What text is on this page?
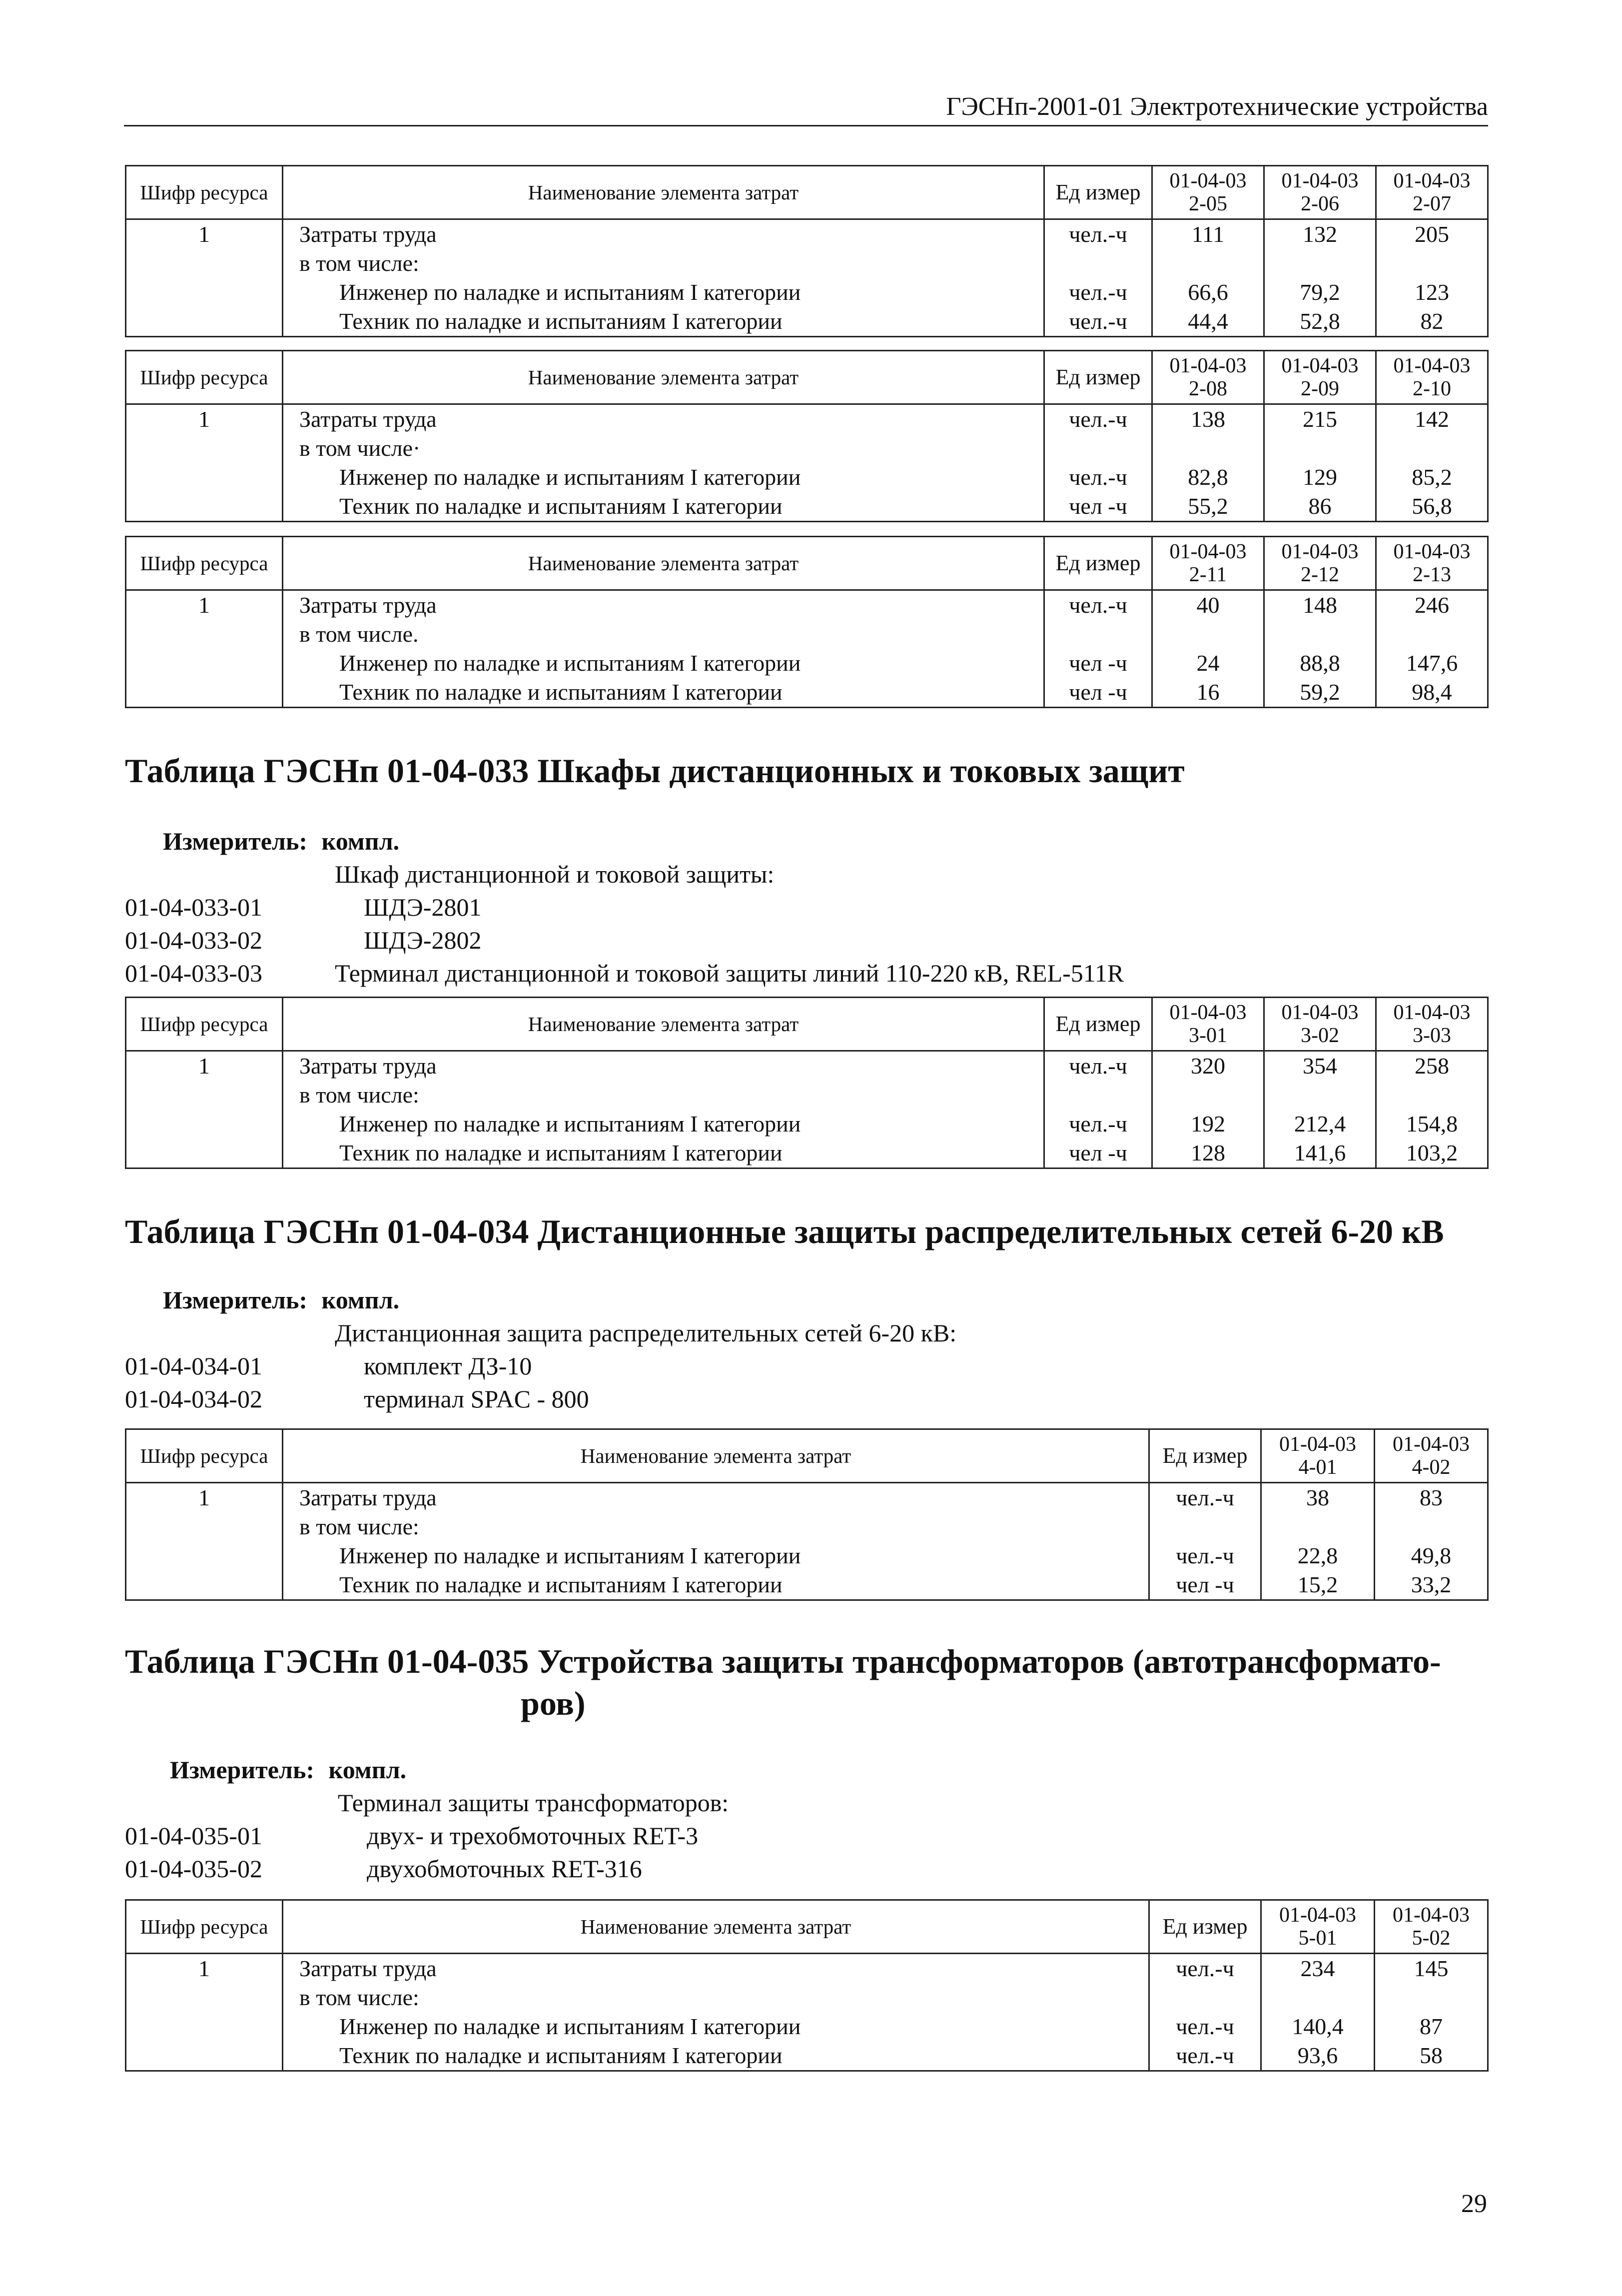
ГЭСНп-2001-01 Электротехнические устройства
Шифр ресурса	Наименование элемента затрат	Ед измер	01-04-032-05	01-04-032-06	01-04-032-07
1	Затраты труда	чел.-ч	111	132	205
	в том числе:				
	Инженер по наладке и испытаниям I категории	чел.-ч	66,6	79,2	123
	Техник по наладке и испытаниям I категории	чел.-ч	44,4	52,8	82
Шифр ресурса	Наименование элемента затрат	Ед измер	01-04-032-08	01-04-032-09	01-04-032-10
1	Затраты труда	чел.-ч	138	215	142
	в том числе·				
	Инженер по наладке и испытаниям I категории	чел.-ч	82,8	129	85,2
	Техник по наладке и испытаниям I категории	чел -ч	55,2	86	56,8
Шифр ресурса	Наименование элемента затрат	Ед измер	01-04-032-11	01-04-032-12	01-04-032-13
1	Затраты труда	чел.-ч	40	148	246
	в том числе.				
	Инженер по наладке и испытаниям I категории	чел -ч	24	88,8	147,6
	Техник по наладке и испытаниям I категории	чел -ч	16	59,2	98,4
Таблица ГЭСНп 01-04-033 Шкафы дистанционных и токовых защит
Измеритель: компл.
Шкаф дистанционной и токовой защиты:
01-04-033-01	ШДЭ-2801
01-04-033-02	ШДЭ-2802
01-04-033-03	Терминал дистанционной и токовой защиты линий 110-220 кВ, REL-511R
Шифр ресурса	Наименование элемента затрат	Ед измер	01-04-033-01	01-04-033-02	01-04-033-03
1	Затраты труда	чел.-ч	320	354	258
	в том числе:				
	Инженер по наладке и испытаниям I категории	чел.-ч	192	212,4	154,8
	Техник по наладке и испытаниям I категории	чел -ч	128	141,6	103,2
Таблица ГЭСНп 01-04-034 Дистанционные защиты распределительных сетей 6-20 кВ
Измеритель: компл.
Дистанционная защита распределительных сетей 6-20 кВ:
01-04-034-01	комплект ДЗ-10
01-04-034-02	терминал SPAC - 800
Шифр ресурса	Наименование элемента затрат	Ед измер	01-04-034-01	01-04-034-02
1	Затраты труда	чел.-ч	38	83
	в том числе:			
	Инженер по наладке и испытаниям I категории	чел.-ч	22,8	49,8
	Техник по наладке и испытаниям I категории	чел -ч	15,2	33,2
Таблица ГЭСНп 01-04-035 Устройства защиты трансформаторов (автотрансформато-
ров)
Измеритель: компл.
Терминал защиты трансформаторов:
01-04-035-01	двух- и трехобмоточных RET-3
01-04-035-02	двухобмоточных RET-316
Шифр ресурса	Наименование элемента затрат	Ед измер	01-04-035-01	01-04-035-02
1	Затраты труда	чел.-ч	234	145
	в том числе:			
	Инженер по наладке и испытаниям I категории	чел.-ч	140,4	87
	Техник по наладке и испытаниям I категории	чел.-ч	93,6	58
29
